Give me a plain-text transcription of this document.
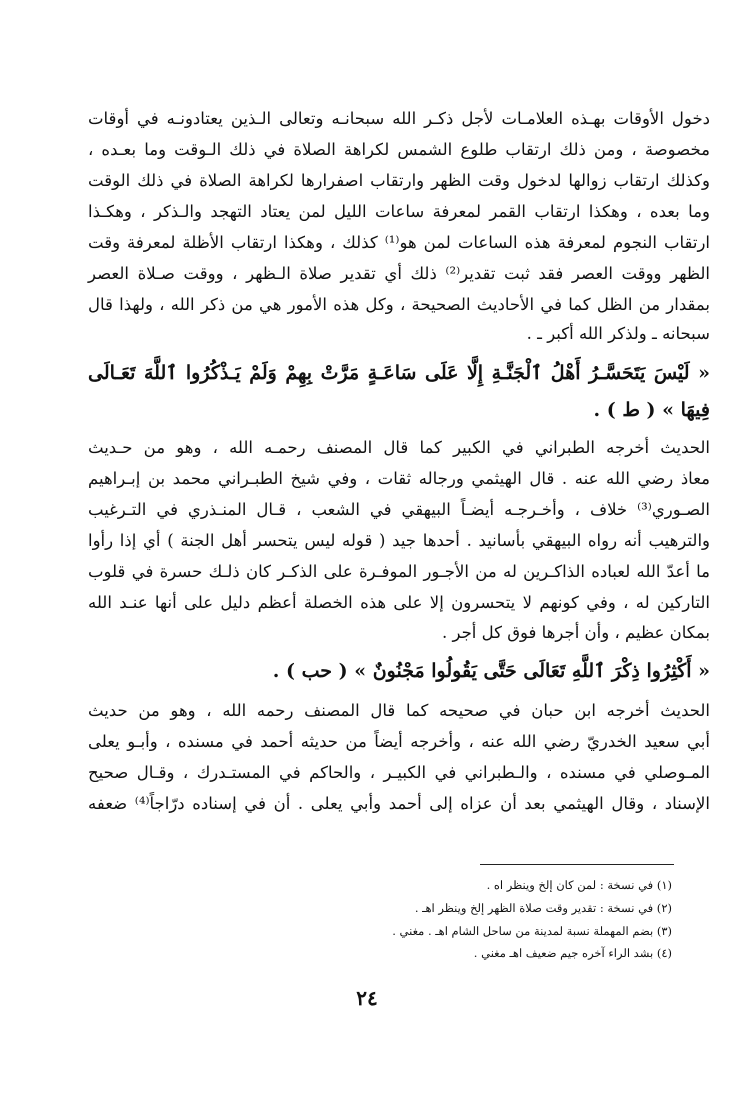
دخول الأوقات بهـذه العلامـات لأجل ذكـر الله سبحانـه وتعالى الـذين يعتادونـه في أوقات
مخصوصة ، ومن ذلك ارتقاب طلوع الشمس لكراهة الصلاة في ذلك الـوقت وما بعـده ،
وكذلك ارتقاب زوالها لدخول وقت الظهر وارتقاب اصفرارها لكراهة الصلاة في ذلك الوقت
وما بعده ، وهكذا ارتقاب القمر لمعرفة ساعات الليل لمن يعتاد التهجد والـذكر ، وهكـذا
ارتقاب النجوم لمعرفة هذه الساعات لمن هو⁽¹⁾ كذلك ، وهكذا ارتقاب الأظلة لمعرفة وقت
الظهر ووقت العصر فقد ثبت تقدير⁽²⁾ ذلك أي تقدير صلاة الـظهر ، ووقت صـلاة العصر
بمقدار من الظل كما في الأحاديث الصحيحة ، وكل هذه الأمور هي من ذكر الله ، ولهذا قال
سبحانه ـ ولذكر الله أكبر ـ .
« لَيْسَ يَتَحَسَّـرُ أَهْلُ ٱلْجَنَّـةِ إِلَّا عَلَى سَاعَـةٍ مَرَّتْ بِهِمْ وَلَمْ يَـذْكُرُوا ٱللَّهَ تَعَـالَى
فِيهَا » ( ط ) .
الحديث أخرجه الطبراني في الكبير كما قال المصنف رحمـه الله ، وهو من حـديث
معاذ رضي الله عنه . قال الهيثمي ورجاله ثقات ، وفي شيخ الطبـراني محمد بن إبـراهيم
الصـوري⁽³⁾ خلاف ، وأخـرجـه أيضـاً البيهقي في الشعب ، قـال المنـذري في التـرغيب
والترهيب أنه رواه البيهقي بأسانيد . أحدها جيد ( قوله ليس يتحسر أهل الجنة ) أي إذا رأوا
ما أعدّ الله لعباده الذاكـرين له من الأجـور الموفـرة على الذكـر كان ذلـك حسرة في قلوب
التاركين له ، وفي كونهم لا يتحسرون إلا على هذه الخصلة أعظم دليل على أنها عنـد الله
بمكان عظيم ، وأن أجرها فوق كل أجر .
« أَكْثِرُوا ذِكْرَ ٱللَّهِ تَعَالَى حَتَّى يَقُولُوا مَجْنُونٌ » ( حب ) .
الحديث أخرجه ابن حبان في صحيحه كما قال المصنف رحمه الله ، وهو من حديث
أبي سعيد الخدريّ رضي الله عنه ، وأخرجه أيضاً من حديثه أحمد في مسنده ، وأبـو يعلى
المـوصلي في مسنده ، والـطبراني في الكبيـر ، والحاكم في المستـدرك ، وقـال صحيح
الإسناد ، وقال الهيثمي بعد أن عزاه إلى أحمد وأبي يعلى . أن في إسناده درّاجاً⁽⁴⁾ ضعفه
(١) في نسخة : لمن كان إلخ وينظر اه .
(٢) في نسخة : تقدير وقت صلاة الظهر إلخ وينظر اهـ .
(٣) بضم المهملة نسبة لمدينة من ساحل الشام اهـ . مغني .
(٤) بشد الراء آخره جيم ضعيف اهـ مغني .
٢٤
